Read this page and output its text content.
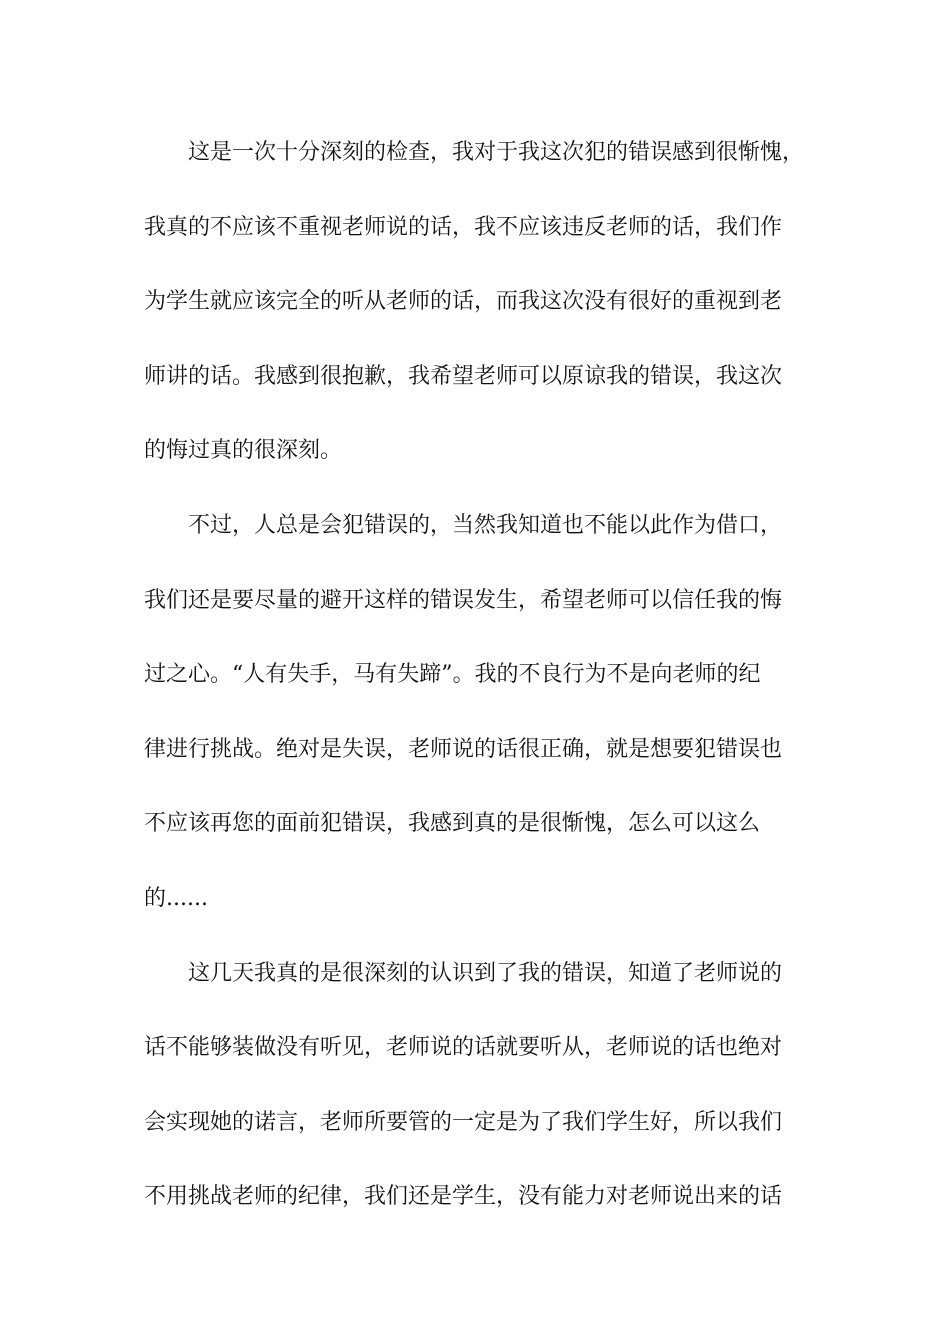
这是一次十分深刻的检查，我对于我这次犯的错误感到很惭愧，
我真的不应该不重视老师说的话，我不应该违反老师的话，我们作
为学生就应该完全的听从老师的话，而我这次没有很好的重视到老
师讲的话。我感到很抱歉，我希望老师可以原谅我的错误，我这次
的悔过真的很深刻。
不过，人总是会犯错误的，当然我知道也不能以此作为借口，
我们还是要尽量的避开这样的错误发生，希望老师可以信任我的悔
过之心。“人有失手，马有失蹄”。我的不良行为不是向老师的纪
律进行挑战。绝对是失误，老师说的话很正确，就是想要犯错误也
不应该再您的面前犯错误，我感到真的是很惭愧，怎么可以这么
的......
这几天我真的是很深刻的认识到了我的错误，知道了老师说的
话不能够装做没有听见，老师说的话就要听从，老师说的话也绝对
会实现她的诺言，老师所要管的一定是为了我们学生好，所以我们
不用挑战老师的纪律，我们还是学生，没有能力对老师说出来的话
